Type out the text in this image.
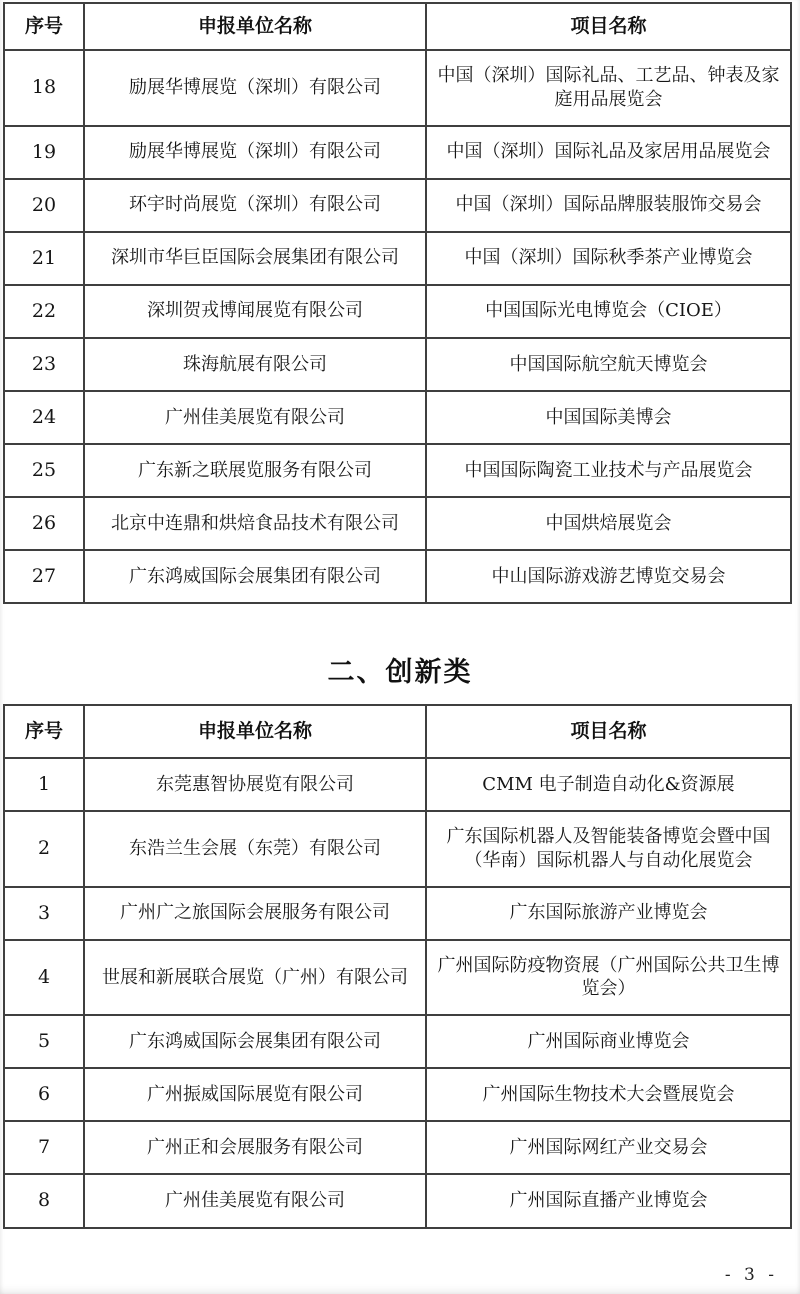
序号	申报单位名称	项目名称
18	励展华博展览（深圳）有限公司	中国（深圳）国际礼品、工艺品、钟表及家庭用品展览会
19	励展华博展览（深圳）有限公司	中国（深圳）国际礼品及家居用品展览会
20	环宇时尚展览（深圳）有限公司	中国（深圳）国际品牌服装服饰交易会
21	深圳市华巨臣国际会展集团有限公司	中国（深圳）国际秋季茶产业博览会
22	深圳贺戎博闻展览有限公司	中国国际光电博览会（CIOE）
23	珠海航展有限公司	中国国际航空航天博览会
24	广州佳美展览有限公司	中国国际美博会
25	广东新之联展览服务有限公司	中国国际陶瓷工业技术与产品展览会
26	北京中连鼎和烘焙食品技术有限公司	中国烘焙展览会
27	广东鸿威国际会展集团有限公司	中山国际游戏游艺博览交易会
二、创新类
序号	申报单位名称	项目名称
1	东莞惠智协展览有限公司	CMM 电子制造自动化&资源展
2	东浩兰生会展（东莞）有限公司	广东国际机器人及智能装备博览会暨中国（华南）国际机器人与自动化展览会
3	广州广之旅国际会展服务有限公司	广东国际旅游产业博览会
4	世展和新展联合展览（广州）有限公司	广州国际防疫物资展（广州国际公共卫生博览会）
5	广东鸿威国际会展集团有限公司	广州国际商业博览会
6	广州振威国际展览有限公司	广州国际生物技术大会暨展览会
7	广州正和会展服务有限公司	广州国际网红产业交易会
8	广州佳美展览有限公司	广州国际直播产业博览会
- 3 -
